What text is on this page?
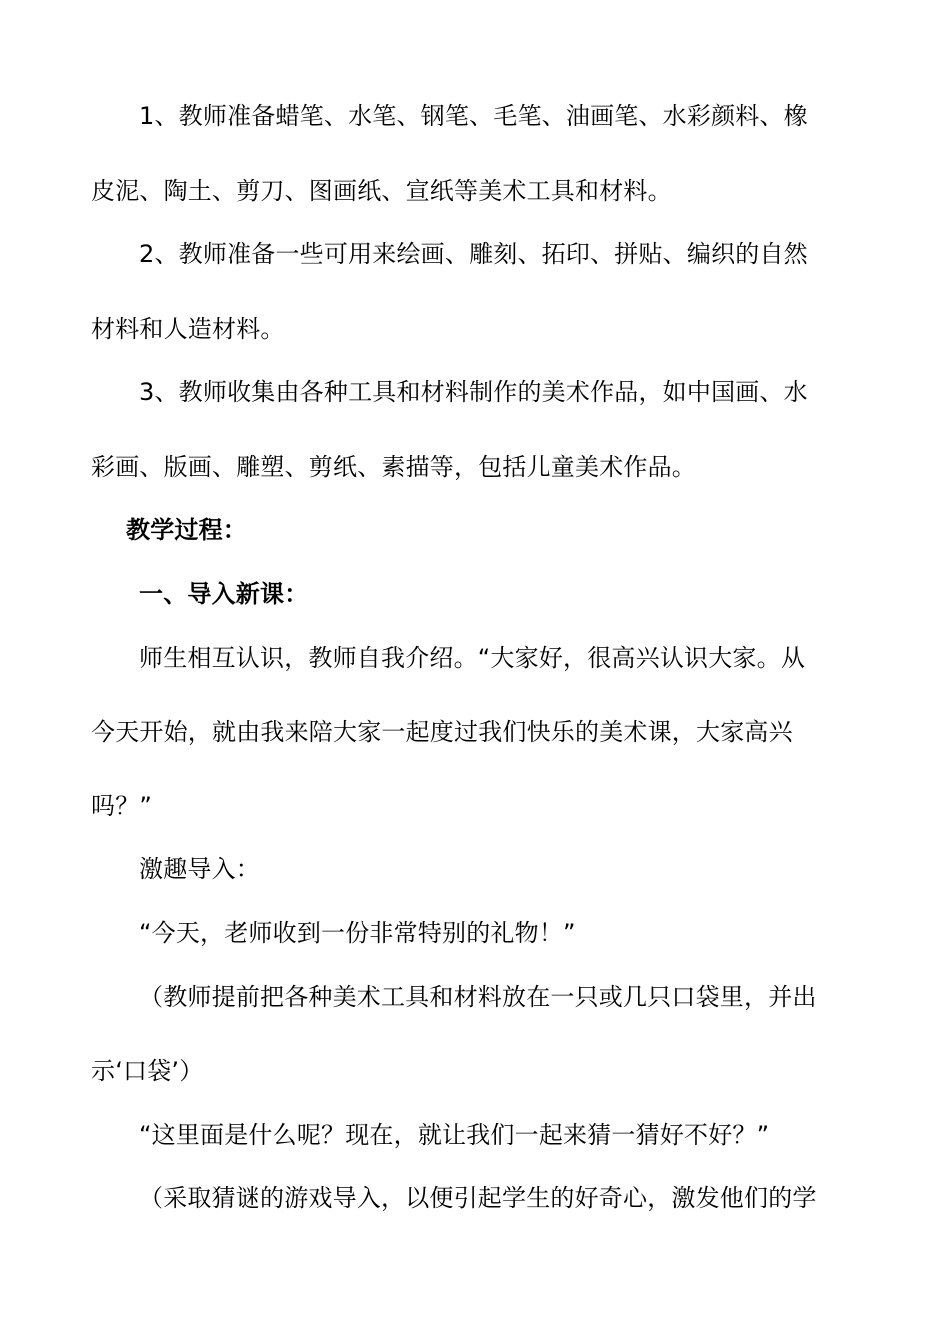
1、教师准备蜡笔、水笔、钢笔、毛笔、油画笔、水彩颜料、橡
皮泥、陶土、剪刀、图画纸、宣纸等美术工具和材料。
2、教师准备一些可用来绘画、雕刻、拓印、拼贴、编织的自然
材料和人造材料。
3、教师收集由各种工具和材料制作的美术作品，如中国画、水
彩画、版画、雕塑、剪纸、素描等，包括儿童美术作品。
教学过程：
一、导入新课：
师生相互认识，教师自我介绍。“大家好，很高兴认识大家。从
今天开始，就由我来陪大家一起度过我们快乐的美术课，大家高兴
吗？”
激趣导入：
“今天，老师收到一份非常特别的礼物！”
（教师提前把各种美术工具和材料放在一只或几只口袋里，并出
示‘口袋’）
“这里面是什么呢？现在，就让我们一起来猜一猜好不好？”
（采取猜谜的游戏导入，以便引起学生的好奇心，激发他们的学
